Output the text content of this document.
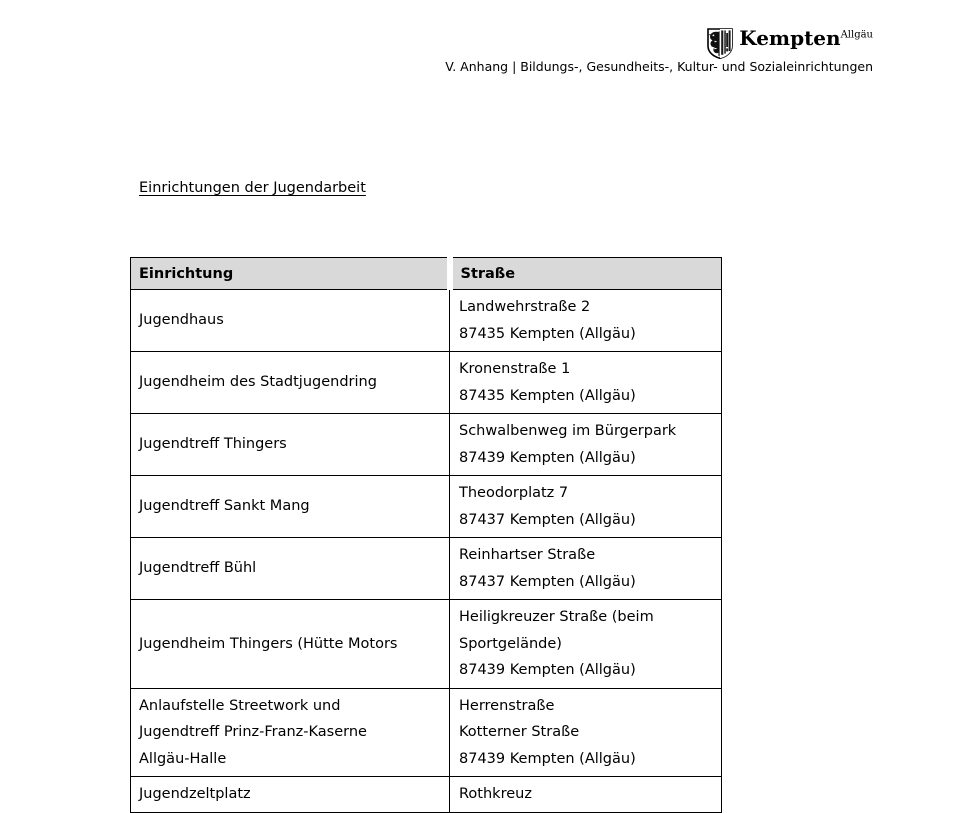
Kempten$^{Allgäu}$
V. Anhang | Bildungs-, Gesundheits-, Kultur- und Sozialeinrichtungen
Einrichtungen der Jugendarbeit
Einrichtung	Straße

Jugendhaus	Landwehrstraße 2
87435 Kempten (Allgäu)

Jugendheim des Stadtjugendring	Kronenstraße 1
87435 Kempten (Allgäu)

Jugendtreff Thingers	Schwalbenweg im Bürgerpark
87439 Kempten (Allgäu)

Jugendtreff Sankt Mang	Theodorplatz 7
87437 Kempten (Allgäu)

Jugendtreff Bühl	Reinhartser Straße
87437 Kempten (Allgäu)

Jugendheim Thingers (Hütte Motors	Heiligkreuzer Straße (beim
Sportgelände)
87439 Kempten (Allgäu)

Anlaufstelle Streetwork und
Jugendtreff Prinz-Franz-Kaserne
Allgäu-Halle	Herrenstraße
Kotterner Straße
87439 Kempten (Allgäu)

Jugendzeltplatz	Rothkreuz
